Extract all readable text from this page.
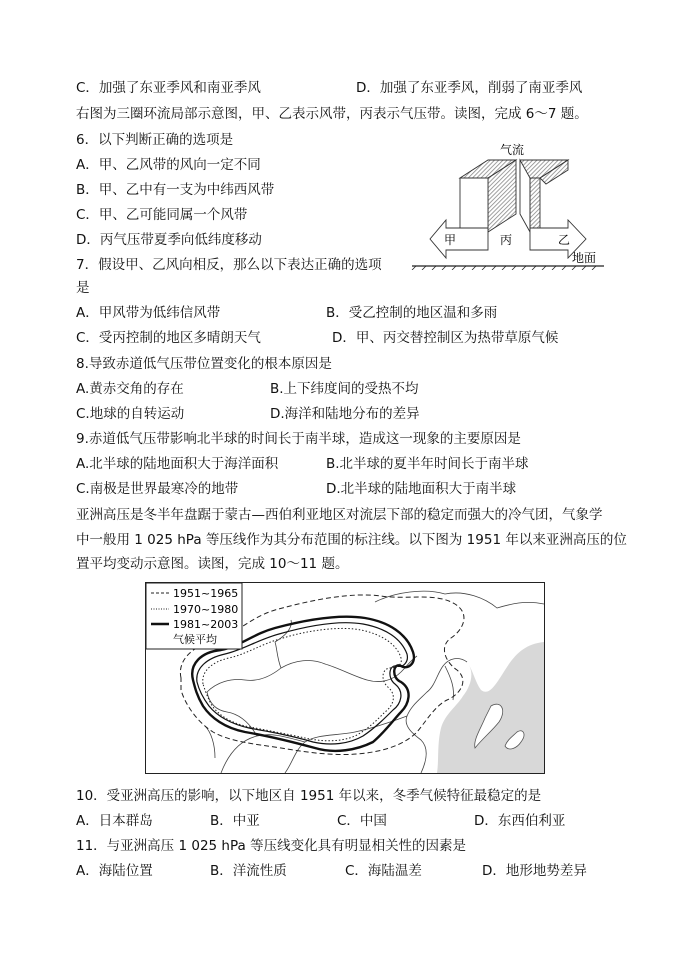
C．加强了东亚季风和南亚季风	D．加强了东亚季风，削弱了南亚季风
右图为三圈环流局部示意图，甲、乙表示风带，丙表示气压带。读图，完成 6～7 题。
6．以下判断正确的选项是
A．甲、乙风带的风向一定不同
B．甲、乙中有一支为中纬西风带
C．甲、乙可能同属一个风带
D．丙气压带夏季向低纬度移动
7．假设甲、乙风向相反，那么以下表达正确的选项
是
A．甲风带为低纬信风带	B．受乙控制的地区温和多雨
C．受丙控制的地区多晴朗天气	D．甲、丙交替控制区为热带草原气候
8.导致赤道低气压带位置变化的根本原因是
A.黄赤交角的存在	B.上下纬度间的受热不均
C.地球的自转运动	D.海洋和陆地分布的差异
9.赤道低气压带影响北半球的时间长于南半球，造成这一现象的主要原因是
A.北半球的陆地面积大于海洋面积	B.北半球的夏半年时间长于南半球
C.南极是世界最寒冷的地带	D.北半球的陆地面积大于南半球
亚洲高压是冬半年盘踞于蒙古—西伯利亚地区对流层下部的稳定而强大的冷气团，气象学
中一般用 1 025 hPa 等压线作为其分布范围的标注线。以下图为 1951 年以来亚洲高压的位
置平均变动示意图。读图，完成 10～11 题。
气流
甲	丙	乙
地面
1951~1965
1970~1980
1981~2003
气候平均
10．受亚洲高压的影响，以下地区自 1951 年以来，冬季气候特征最稳定的是
A．日本群岛	B．中亚	C．中国	D．东西伯利亚
11．与亚洲高压 1 025 hPa 等压线变化具有明显相关性的因素是
A．海陆位置	B．洋流性质	C．海陆温差	D．地形地势差异
